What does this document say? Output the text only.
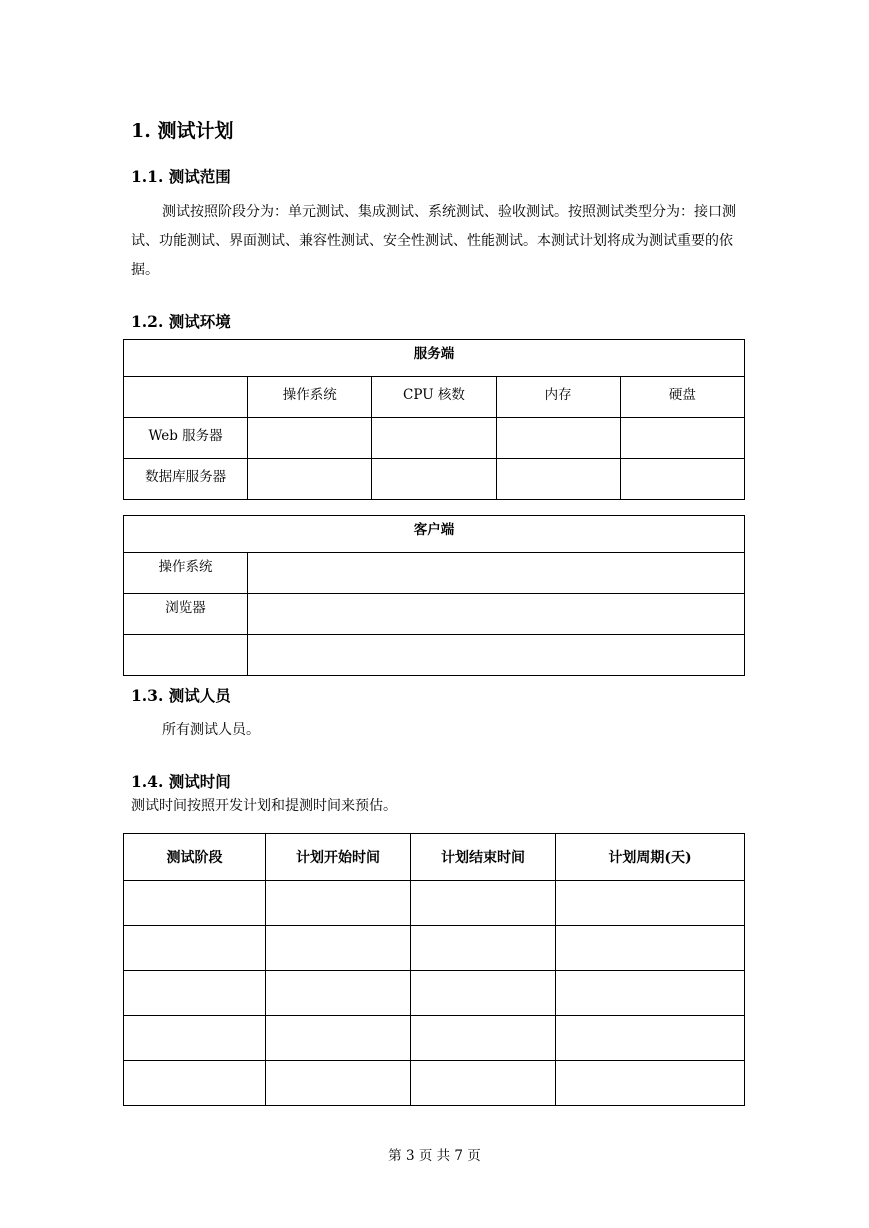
1. 测试计划
1.1. 测试范围
测试按照阶段分为：单元测试、集成测试、系统测试、验收测试。按照测试类型分为：接口测试、功能测试、界面测试、兼容性测试、安全性测试、性能测试。本测试计划将成为测试重要的依据。
1.2. 测试环境
服务端				
	操作系统	CPU 核数	内存	硬盘
Web 服务器				
数据库服务器				
客户端	
操作系统	
浏览器	

1.3. 测试人员
所有测试人员。
1.4. 测试时间
测试时间按照开发计划和提测时间来预估。
测试阶段	计划开始时间	计划结束时间	计划周期(天)

第 3 页 共 7 页
